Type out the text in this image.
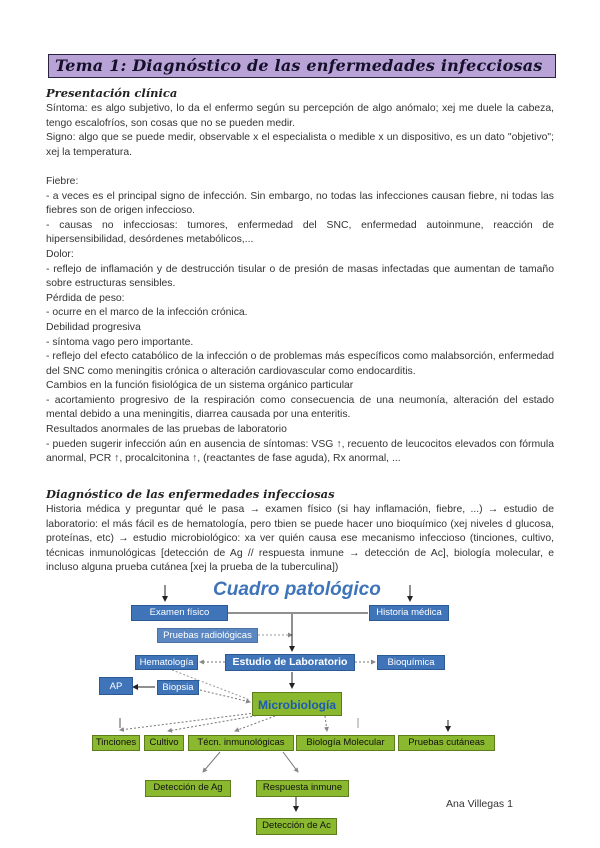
Tema 1: Diagnóstico de las enfermedades infecciosas
Presentación clínica

Síntoma: es algo subjetivo, lo da el enfermo según su percepción de algo anómalo; xej me duele la cabeza, tengo escalofríos, son cosas que no se pueden medir.

Signo: algo que se puede medir, observable x el especialista o medible x un dispositivo, es un dato "objetivo"; xej la temperatura.

Fiebre:

- a veces es el principal signo de infección. Sin embargo, no todas las infecciones causan fiebre, ni todas las fiebres son de origen infeccioso.

- causas no infecciosas: tumores, enfermedad del SNC, enfermedad autoinmune, reacción de hipersensibilidad, desórdenes metabólicos,...

Dolor:

- reflejo de inflamación y de destrucción tisular o de presión de masas infectadas que aumentan de tamaño sobre estructuras sensibles.

Pérdida de peso:

- ocurre en el marco de la infección crónica.

Debilidad progresiva

- síntoma vago pero importante.

- reflejo del efecto catabólico de la infección o de problemas más específicos como malabsorción, enfermedad del SNC como meningitis crónica o alteración cardiovascular como endocarditis.

Cambios en la función fisiológica de un sistema orgánico particular

- acortamiento progresivo de la respiración como consecuencia de una neumonía, alteración del estado mental debido a una meningitis, diarrea causada por una enteritis.

Resultados anormales de las pruebas de laboratorio

- pueden sugerir infección aún en ausencia de síntomas: VSG ↑, recuento de leucocitos elevados con fórmula anormal, PCR ↑, procalcitonina ↑, (reactantes de fase aguda), Rx anormal, ...

Diagnóstico de las enfermedades infecciosas

Historia médica y preguntar qué le pasa → examen físico (si hay inflamación, fiebre, ...) → estudio de laboratorio: el más fácil es de hematología, pero tbien se puede hacer uno bioquímico (xej niveles d glucosa, proteínas, etc) → estudio microbiológico: xa ver quién causa ese mecanismo infeccioso (tinciones, cultivo, técnicas inmunológicas [detección de Ag // respuesta inmune → detección de Ac], biología molecular, e incluso alguna prueba cutánea [xej la prueba de la tuberculina])

Cuadro patológico
Examen físico	Historia médica
Pruebas radiológicas
Estudio de Laboratorio
Hematología	Bioquímica
AP	Biopsia
Microbiología
Tinciones	Cultivo	Técn. inmunológicas	Biología Molecular	Pruebas cutáneas
Detección de Ag	Respuesta inmune
Detección de Ac
Ana Villegas 1
